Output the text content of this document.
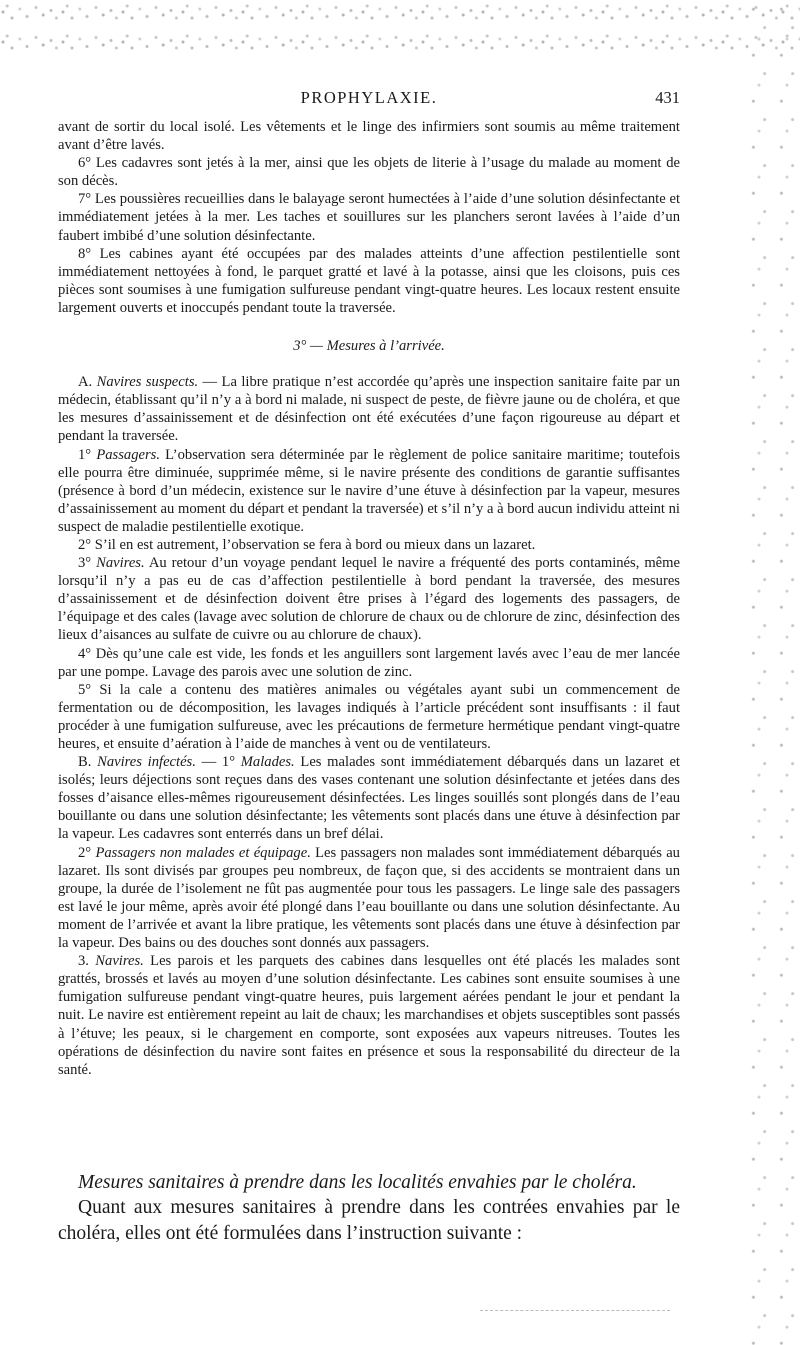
PROPHYLAXIE.	431

avant de sortir du local isolé. Les vêtements et le linge des infirmiers sont soumis au même traitement avant d’être lavés.

6° Les cadavres sont jetés à la mer, ainsi que les objets de literie à l’usage du malade au moment de son décès.

7° Les poussières recueillies dans le balayage seront humectées à l’aide d’une solution désinfectante et immédiatement jetées à la mer. Les taches et souillures sur les planchers seront lavées à l’aide d’un faubert imbibé d’une solution désinfectante.

8° Les cabines ayant été occupées par des malades atteints d’une affection pestilentielle sont immédiatement nettoyées à fond, le parquet gratté et lavé à la potasse, ainsi que les cloisons, puis ces pièces sont soumises à une fumigation sulfureuse pendant vingt-quatre heures. Les locaux restent ensuite largement ouverts et inoccupés pendant toute la traversée.

3° — Mesures à l’arrivée.

A. Navires suspects. — La libre pratique n’est accordée qu’après une inspection sanitaire faite par un médecin, établissant qu’il n’y a à bord ni malade, ni suspect de peste, de fièvre jaune ou de choléra, et que les mesures d’assainissement et de désinfection ont été exécutées d’une façon rigoureuse au départ et pendant la traversée.

1° Passagers. L’observation sera déterminée par le règlement de police sanitaire maritime; toutefois elle pourra être diminuée, supprimée même, si le navire présente des conditions de garantie suffisantes (présence à bord d’un médecin, existence sur le navire d’une étuve à désinfection par la vapeur, mesures d’assainissement au moment du départ et pendant la traversée) et s’il n’y a à bord aucun individu atteint ni suspect de maladie pestilentielle exotique.

2° S’il en est autrement, l’observation se fera à bord ou mieux dans un lazaret.

3° Navires. Au retour d’un voyage pendant lequel le navire a fréquenté des ports contaminés, même lorsqu’il n’y a pas eu de cas d’affection pestilentielle à bord pendant la traversée, des mesures d’assainissement et de désinfection doivent être prises à l’égard des logements des passagers, de l’équipage et des cales (lavage avec solution de chlorure de chaux ou de chlorure de zinc, désinfection des lieux d’aisances au sulfate de cuivre ou au chlorure de chaux).

4° Dès qu’une cale est vide, les fonds et les anguillers sont largement lavés avec l’eau de mer lancée par une pompe. Lavage des parois avec une solution de zinc.

5° Si la cale a contenu des matières animales ou végétales ayant subi un commencement de fermentation ou de décomposition, les lavages indiqués à l’article précédent sont insuffisants : il faut procéder à une fumigation sulfureuse, avec les précautions de fermeture hermétique pendant vingt-quatre heures, et ensuite d’aération à l’aide de manches à vent ou de ventilateurs.

B. Navires infectés. — 1° Malades. Les malades sont immédiatement débarqués dans un lazaret et isolés; leurs déjections sont reçues dans des vases contenant une solution désinfectante et jetées dans des fosses d’aisance elles-mêmes rigoureusement désinfectées. Les linges souillés sont plongés dans de l’eau bouillante ou dans une solution désinfectante; les vêtements sont placés dans une étuve à désinfection par la vapeur. Les cadavres sont enterrés dans un bref délai.

2° Passagers non malades et équipage. Les passagers non malades sont immédiatement débarqués au lazaret. Ils sont divisés par groupes peu nombreux, de façon que, si des accidents se montraient dans un groupe, la durée de l’isolement ne fût pas augmentée pour tous les passagers. Le linge sale des passagers est lavé le jour même, après avoir été plongé dans l’eau bouillante ou dans une solution désinfectante. Au moment de l’arrivée et avant la libre pratique, les vêtements sont placés dans une étuve à désinfection par la vapeur. Des bains ou des douches sont donnés aux passagers.

3. Navires. Les parois et les parquets des cabines dans lesquelles ont été placés les malades sont grattés, brossés et lavés au moyen d’une solution désinfectante. Les cabines sont ensuite soumises à une fumigation sulfureuse pendant vingt-quatre heures, puis largement aérées pendant le jour et pendant la nuit. Le navire est entièrement repeint au lait de chaux; les marchandises et objets susceptibles sont passés à l’étuve; les peaux, si le chargement en comporte, sont exposées aux vapeurs nitreuses. Toutes les opérations de désinfection du navire sont faites en présence et sous la responsabilité du directeur de la santé.

Mesures sanitaires à prendre dans les localités envahies par le choléra.
Quant aux mesures sanitaires à prendre dans les contrées envahies par le choléra, elles ont été formulées dans l’instruction suivante :
